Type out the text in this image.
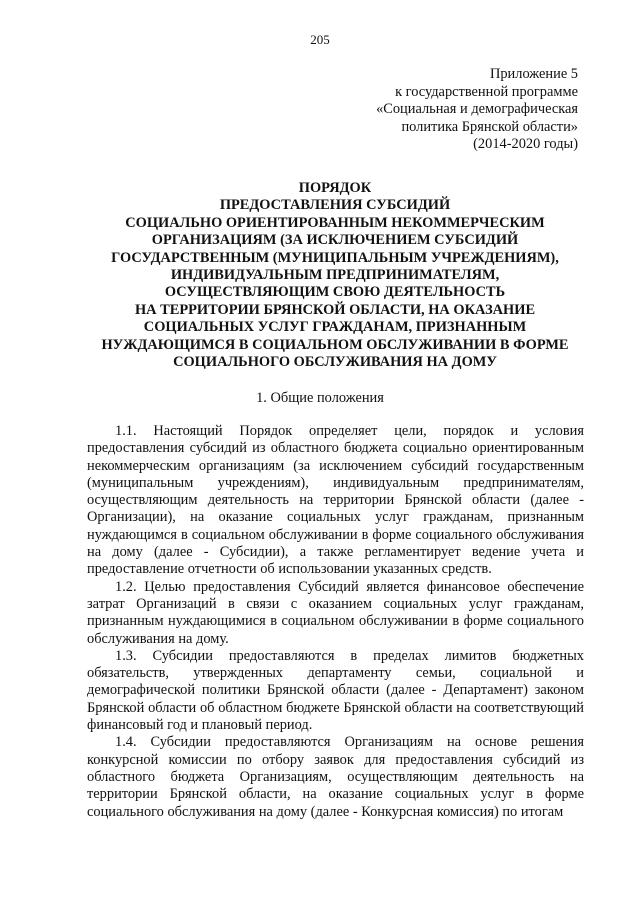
205
Приложение 5
к государственной программе
«Социальная и демографическая
политика Брянской области»
(2014-2020 годы)
ПОРЯДОК
ПРЕДОСТАВЛЕНИЯ СУБСИДИЙ
СОЦИАЛЬНО ОРИЕНТИРОВАННЫМ НЕКОММЕРЧЕСКИМ
ОРГАНИЗАЦИЯМ (ЗА ИСКЛЮЧЕНИЕМ СУБСИДИЙ
ГОСУДАРСТВЕННЫМ (МУНИЦИПАЛЬНЫМ УЧРЕЖДЕНИЯМ),
ИНДИВИДУАЛЬНЫМ ПРЕДПРИНИМАТЕЛЯМ,
ОСУЩЕСТВЛЯЮЩИМ СВОЮ ДЕЯТЕЛЬНОСТЬ
НА ТЕРРИТОРИИ БРЯНСКОЙ ОБЛАСТИ, НА ОКАЗАНИЕ
СОЦИАЛЬНЫХ УСЛУГ ГРАЖДАНАМ, ПРИЗНАННЫМ
НУЖДАЮЩИМСЯ В СОЦИАЛЬНОМ ОБСЛУЖИВАНИИ В ФОРМЕ
СОЦИАЛЬНОГО ОБСЛУЖИВАНИЯ НА ДОМУ
1. Общие положения

1.1. Настоящий Порядок определяет цели, порядок и условия предоставления субсидий из областного бюджета социально ориентированным некоммерческим организациям (за исключением субсидий государственным (муниципальным учреждениям), индивидуальным предпринимателям, осуществляющим деятельность на территории Брянской области (далее - Организации), на оказание социальных услуг гражданам, признанным нуждающимся в социальном обслуживании в форме социального обслуживания на дому (далее - Субсидии), а также регламентирует ведение учета и предоставление отчетности об использовании указанных средств.

1.2. Целью предоставления Субсидий является финансовое обеспечение затрат Организаций в связи с оказанием социальных услуг гражданам, признанным нуждающимися в социальном обслуживании в форме социального обслуживания на дому.

1.3. Субсидии предоставляются в пределах лимитов бюджетных обязательств, утвержденных департаменту семьи, социальной и демографической политики Брянской области (далее - Департамент) законом Брянской области об областном бюджете Брянской области на соответствующий финансовый год и плановый период.

1.4. Субсидии предоставляются Организациям на основе решения конкурсной комиссии по отбору заявок для предоставления субсидий из областного бюджета Организациям, осуществляющим деятельность на территории Брянской области, на оказание социальных услуг в форме социального обслуживания на дому (далее - Конкурсная комиссия) по итогам
